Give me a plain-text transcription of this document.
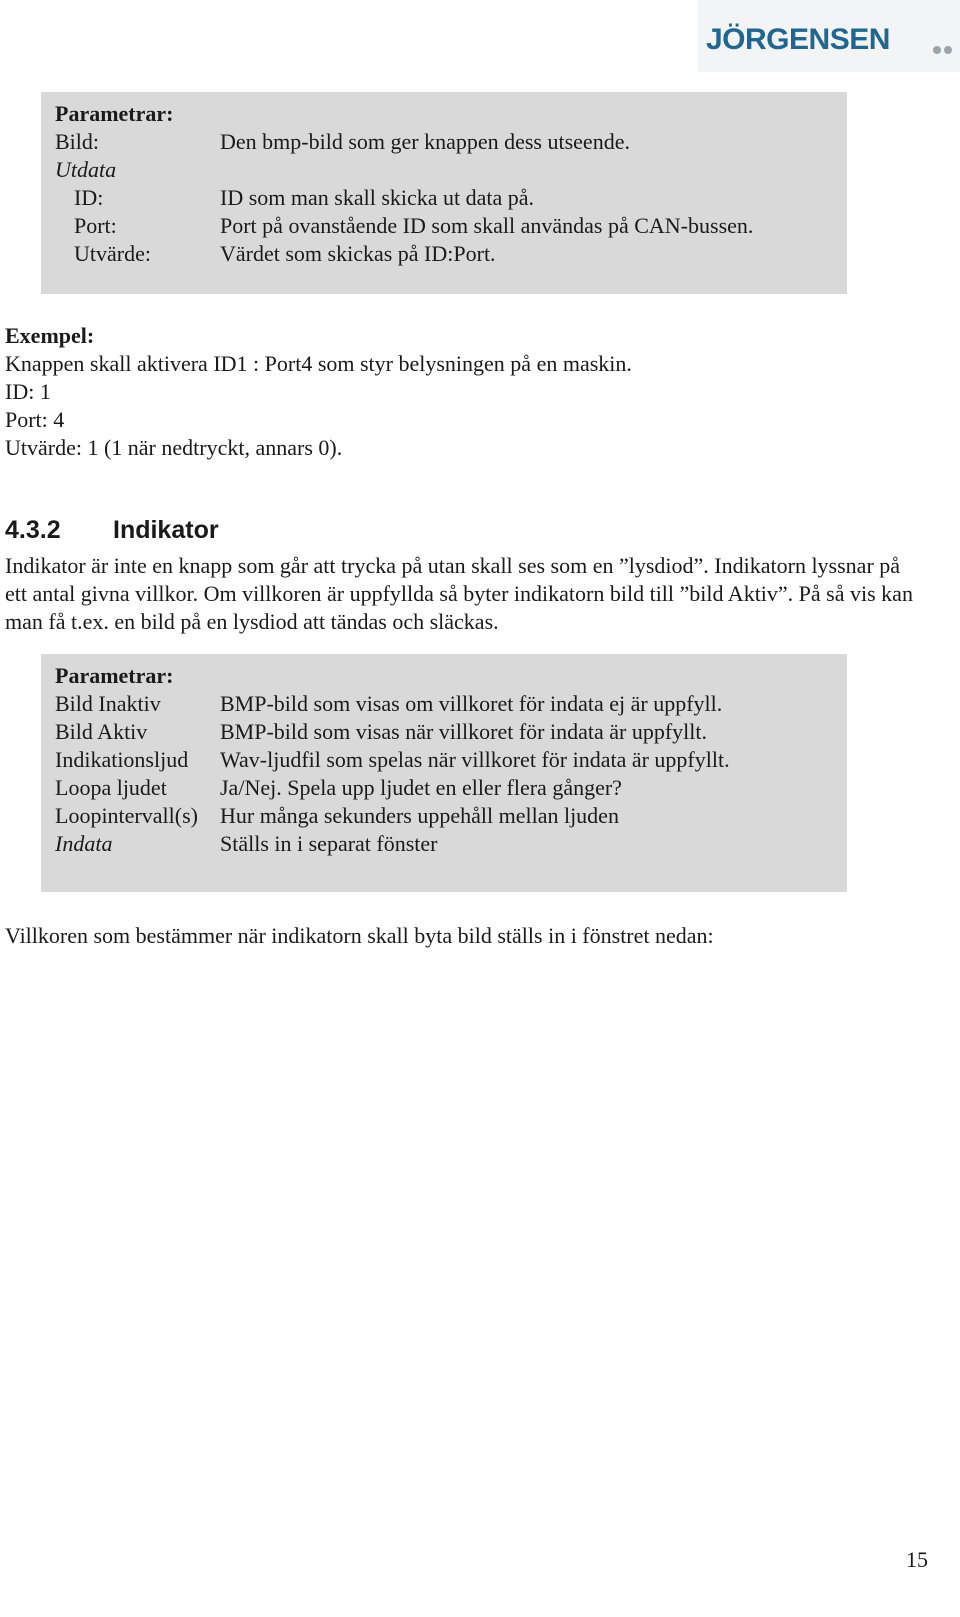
JÖRGENSEN
Parametrar:
Bild:	Den bmp-bild som ger knappen dess utseende.
Utdata
ID:	ID som man skall skicka ut data på.
Port:	Port på ovanstående ID som skall användas på CAN-bussen.
Utvärde:	Värdet som skickas på ID:Port.
Exempel:
Knappen skall aktivera ID1 : Port4 som styr belysningen på en maskin.
ID: 1
Port: 4
Utvärde: 1 (1 när nedtryckt, annars 0).
4.3.2 Indikator
Indikator är inte en knapp som går att trycka på utan skall ses som en ”lysdiod”. Indikatorn lyssnar på ett antal givna villkor. Om villkoren är uppfyllda så byter indikatorn bild till ”bild Aktiv”. På så vis kan man få t.ex. en bild på en lysdiod att tändas och släckas.
Parametrar:
Bild Inaktiv	BMP-bild som visas om villkoret för indata ej är uppfyll.
Bild Aktiv	BMP-bild som visas när villkoret för indata är uppfyllt.
Indikationsljud	Wav-ljudfil som spelas när villkoret för indata är uppfyllt.
Loopa ljudet	Ja/Nej. Spela upp ljudet en eller flera gånger?
Loopintervall(s)	Hur många sekunders uppehåll mellan ljuden
Indata	Ställs in i separat fönster
Villkoren som bestämmer när indikatorn skall byta bild ställs in i fönstret nedan:
15
